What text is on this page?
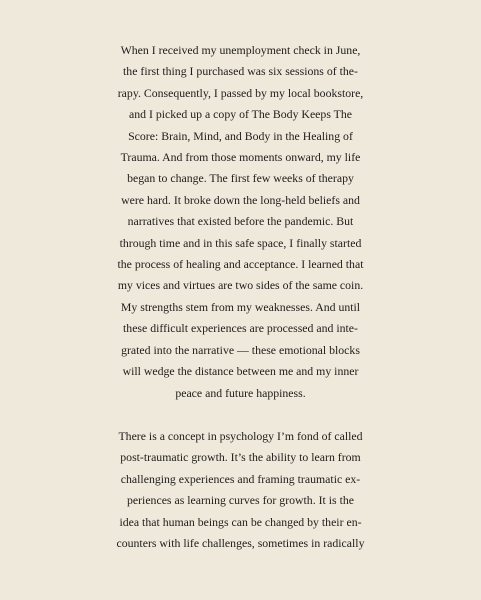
When I received my unemployment check in June,
the first thing I purchased was six sessions of the-
rapy. Consequently, I passed by my local bookstore,
and I picked up a copy of The Body Keeps The
Score: Brain, Mind, and Body in the Healing of
Trauma. And from those moments onward, my life
began to change. The first few weeks of therapy
were hard. It broke down the long-held beliefs and
narratives that existed before the pandemic. But
through time and in this safe space, I finally started
the process of healing and acceptance. I learned that
my vices and virtues are two sides of the same coin.
My strengths stem from my weaknesses. And until
these difficult experiences are processed and inte-
grated into the narrative — these emotional blocks
will wedge the distance between me and my inner
peace and future happiness.

There is a concept in psychology I’m fond of called
post-traumatic growth. It’s the ability to learn from
challenging experiences and framing traumatic ex-
periences as learning curves for growth. It is the
idea that human beings can be changed by their en-
counters with life challenges, sometimes in radically
